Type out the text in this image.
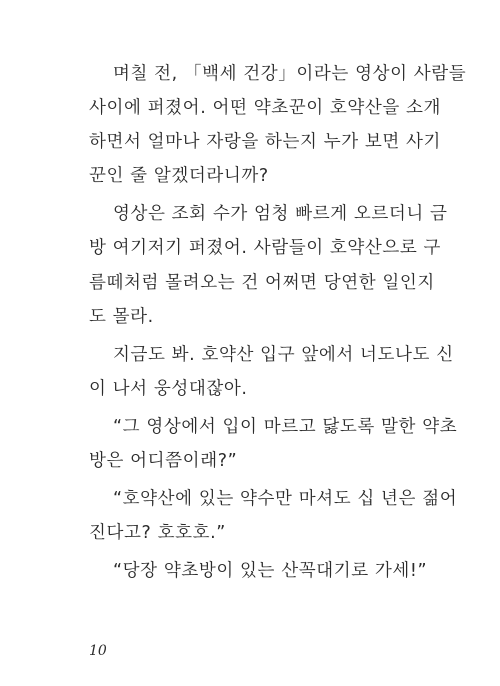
며칠 전, 「백세 건강」이라는 영상이 사람들
사이에 퍼졌어. 어떤 약초꾼이 호약산을 소개
하면서 얼마나 자랑을 하는지 누가 보면 사기
꾼인 줄 알겠더라니까?
영상은 조회 수가 엄청 빠르게 오르더니 금
방 여기저기 퍼졌어. 사람들이 호약산으로 구
름떼처럼 몰려오는 건 어쩌면 당연한 일인지
도 몰라.
지금도 봐. 호약산 입구 앞에서 너도나도 신
이 나서 웅성대잖아.
“그 영상에서 입이 마르고 닳도록 말한 약초
방은 어디쯤이래?”
“호약산에 있는 약수만 마셔도 십 년은 젊어
진다고? 호호호.”
“당장 약초방이 있는 산꼭대기로 가세!”
10
